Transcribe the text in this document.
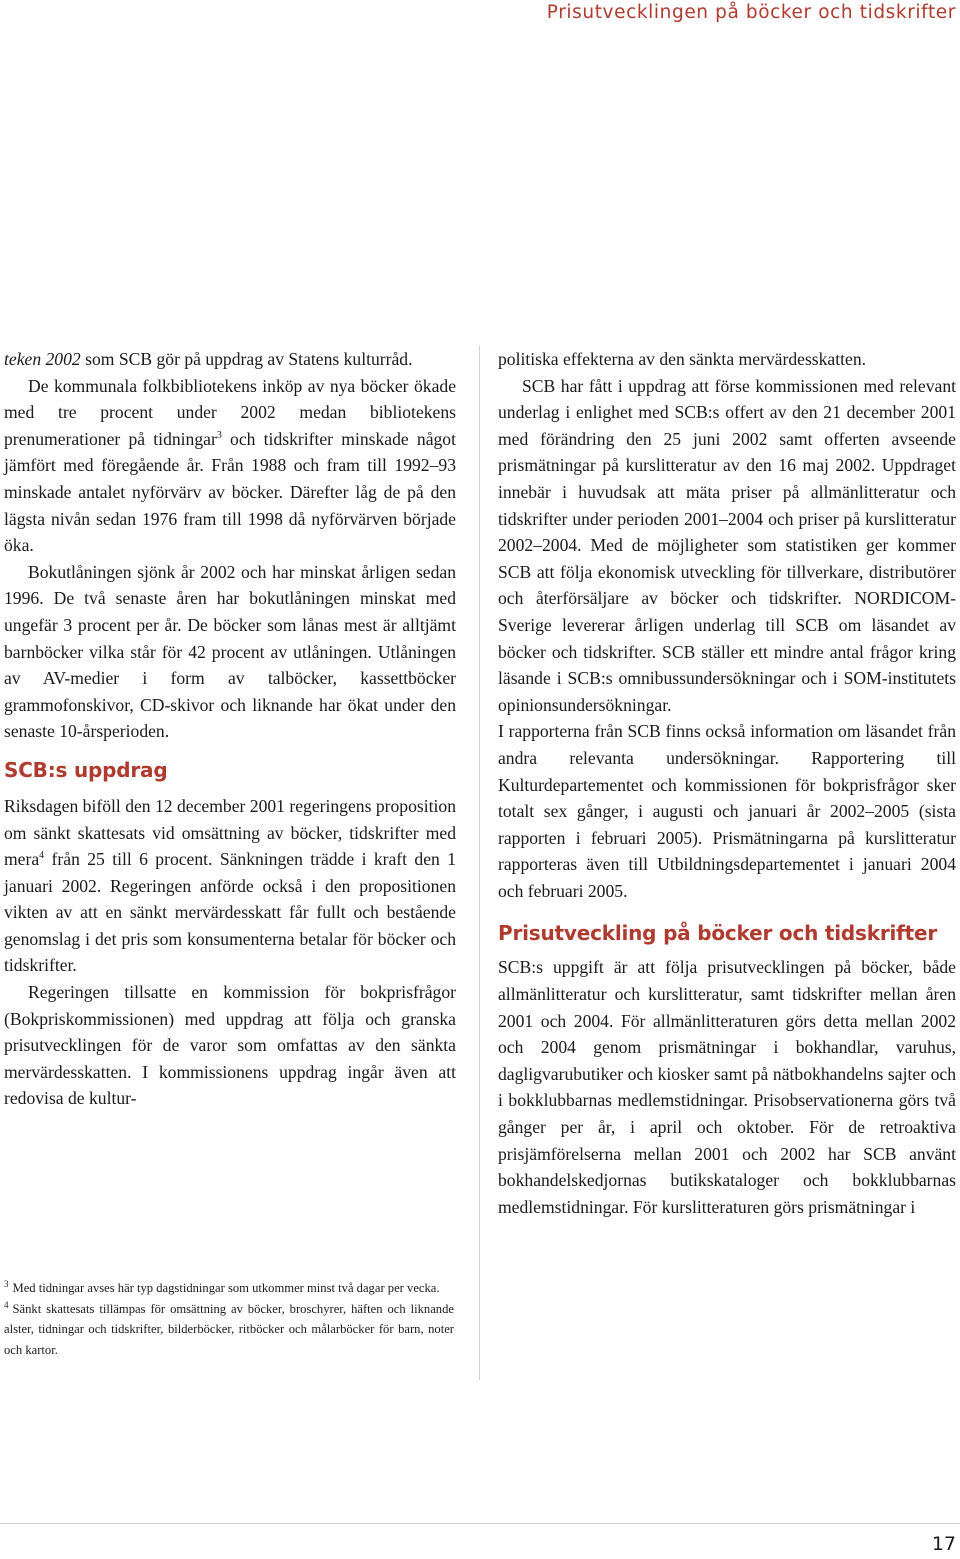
Prisutvecklingen på böcker och tidskrifter

teken 2002 som SCB gör på uppdrag av Statens kulturråd.

De kommunala folkbibliotekens inköp av nya böcker ökade med tre procent under 2002 medan bibliotekens prenumerationer på tidningar$^3$ och tidskrifter minskade något jämfört med föregående år. Från 1988 och fram till 1992–93 minskade antalet nyförvärv av böcker. Därefter låg de på den lägsta nivån sedan 1976 fram till 1998 då nyförvärven började öka.

Bokutlåningen sjönk år 2002 och har minskat årligen sedan 1996. De två senaste åren har bokutlåningen minskat med ungefär 3 procent per år. De böcker som lånas mest är alltjämt barnböcker vilka står för 42 procent av utlåningen. Utlåningen av AV-medier i form av talböcker, kassettböcker grammofonskivor, CD-skivor och liknande har ökat under den senaste 10-årsperioden.

SCB:s uppdrag

Riksdagen biföll den 12 december 2001 regeringens proposition om sänkt skattesats vid omsättning av böcker, tidskrifter med mera$^4$ från 25 till 6 procent. Sänkningen trädde i kraft den 1 januari 2002. Regeringen anförde också i den propositionen vikten av att en sänkt mervärdesskatt får fullt och bestående genomslag i det pris som konsumenterna betalar för böcker och tidskrifter.

Regeringen tillsatte en kommission för bokprisfrågor (Bokpriskommissionen) med uppdrag att följa och granska prisutvecklingen för de varor som omfattas av den sänkta mervärdesskatten. I kommissionens uppdrag ingår även att redovisa de kultur-

$^3$ Med tidningar avses här typ dagstidningar som utkommer minst två dagar per vecka.

$^4$ Sänkt skattesats tillämpas för omsättning av böcker, broschyrer, häften och liknande alster, tidningar och tidskrifter, bilderböcker, ritböcker och målarböcker för barn, noter och kartor.

politiska effekterna av den sänkta mervärdesskatten.

SCB har fått i uppdrag att förse kommissionen med relevant underlag i enlighet med SCB:s offert av den 21 december 2001 med förändring den 25 juni 2002 samt offerten avseende prismätningar på kurslitteratur av den 16 maj 2002. Uppdraget innebär i huvudsak att mäta priser på allmänlitteratur och tidskrifter under perioden 2001–2004 och priser på kurslitteratur 2002–2004. Med de möjligheter som statistiken ger kommer SCB att följa ekonomisk utveckling för tillverkare, distributörer och återförsäljare av böcker och tidskrifter. NORDICOM-Sverige levererar årligen underlag till SCB om läsandet av böcker och tidskrifter. SCB ställer ett mindre antal frågor kring läsande i SCB:s omnibussundersökningar och i SOM-institutets opinionsundersökningar.

I rapporterna från SCB finns också information om läsandet från andra relevanta undersökningar. Rapportering till Kulturdepartementet och kommissionen för bokprisfrågor sker totalt sex gånger, i augusti och januari år 2002–2005 (sista rapporten i februari 2005). Prismätningarna på kurslitteratur rapporteras även till Utbildningsdepartementet i januari 2004 och februari 2005.

Prisutveckling på böcker och tidskrifter

SCB:s uppgift är att följa prisutvecklingen på böcker, både allmänlitteratur och kurslitteratur, samt tidskrifter mellan åren 2001 och 2004. För allmänlitteraturen görs detta mellan 2002 och 2004 genom prismätningar i bokhandlar, varuhus, dagligvarubutiker och kiosker samt på nätbokhandelns sajter och i bokklubbarnas medlemstidningar. Prisobservationerna görs två gånger per år, i april och oktober. För de retroaktiva prisjämförelserna mellan 2001 och 2002 har SCB använt bokhandelskedjornas butikskataloger och bokklubbarnas medlemstidningar. För kurslitteraturen görs prismätningar i

17
